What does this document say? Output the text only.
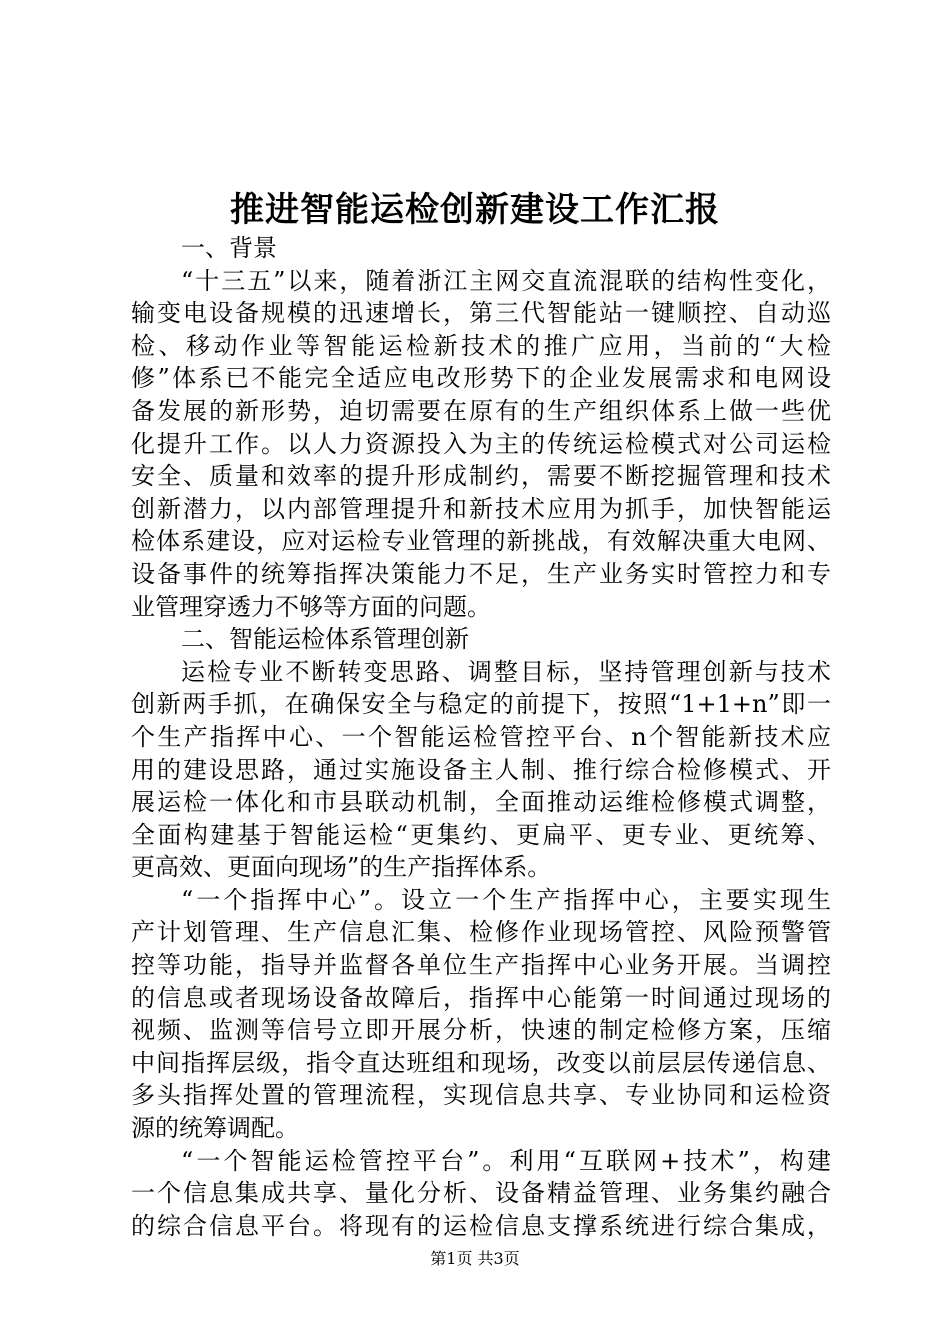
推进智能运检创新建设工作汇报
一、背景
“十三五”以来，随着浙江主网交直流混联的结构性变化，
输变电设备规模的迅速增长，第三代智能站一键顺控、自动巡
检、移动作业等智能运检新技术的推广应用，当前的“大检
修”体系已不能完全适应电改形势下的企业发展需求和电网设
备发展的新形势，迫切需要在原有的生产组织体系上做一些优
化提升工作。以人力资源投入为主的传统运检模式对公司运检
安全、质量和效率的提升形成制约，需要不断挖掘管理和技术
创新潜力，以内部管理提升和新技术应用为抓手，加快智能运
检体系建设，应对运检专业管理的新挑战，有效解决重大电网、
设备事件的统筹指挥决策能力不足，生产业务实时管控力和专
业管理穿透力不够等方面的问题。
二、智能运检体系管理创新
运检专业不断转变思路、调整目标，坚持管理创新与技术
创新两手抓，在确保安全与稳定的前提下，按照“1+1+n”即一
个生产指挥中心、一个智能运检管控平台、n个智能新技术应
用的建设思路，通过实施设备主人制、推行综合检修模式、开
展运检一体化和市县联动机制，全面推动运维检修模式调整，
全面构建基于智能运检“更集约、更扁平、更专业、更统筹、
更高效、更面向现场”的生产指挥体系。
“一个指挥中心”。设立一个生产指挥中心，主要实现生
产计划管理、生产信息汇集、检修作业现场管控、风险预警管
控等功能，指导并监督各单位生产指挥中心业务开展。当调控
的信息或者现场设备故障后，指挥中心能第一时间通过现场的
视频、监测等信号立即开展分析，快速的制定检修方案，压缩
中间指挥层级，指令直达班组和现场，改变以前层层传递信息、
多头指挥处置的管理流程，实现信息共享、专业协同和运检资
源的统筹调配。
“一个智能运检管控平台”。利用“互联网+技术”，构建
一个信息集成共享、量化分析、设备精益管理、业务集约融合
的综合信息平台。将现有的运检信息支撑系统进行综合集成，
第1页 共3页
